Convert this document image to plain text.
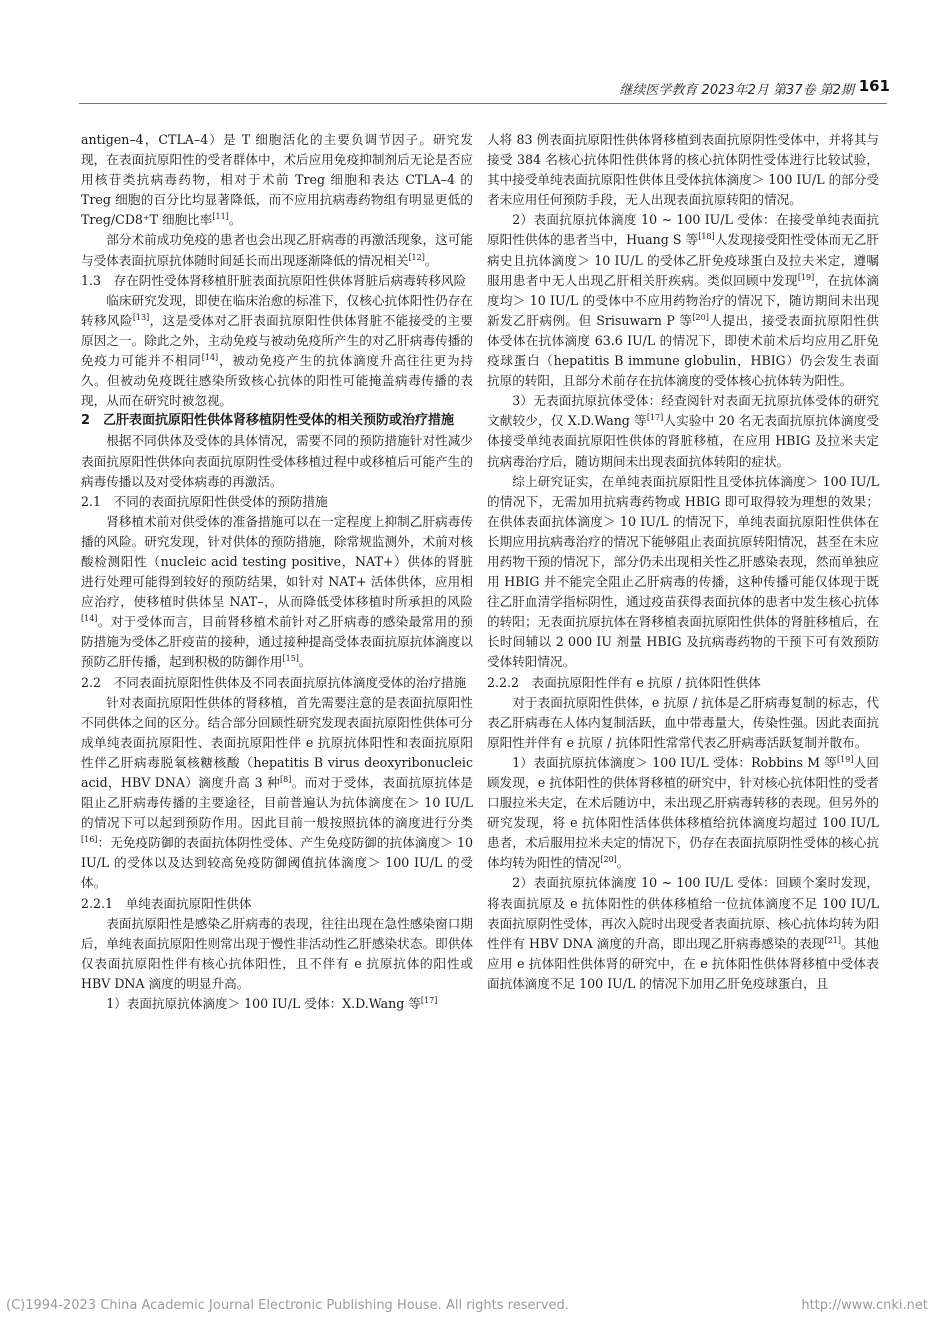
继续医学教育 2023年2月 第37卷 第2期 161

antigen–4，CTLA–4）是 T 细胞活化的主要负调节因子。研究发现，在表面抗原阳性的受者群体中，术后应用免疫抑制剂后无论是否应用核苷类抗病毒药物，相对于术前 Treg 细胞和表达 CTLA–4 的 Treg 细胞的百分比均显著降低，而不应用抗病毒药物组有明显更低的 Treg/CD8⁺T 细胞比率[11]。

部分术前成功免疫的患者也会出现乙肝病毒的再激活现象，这可能与受体表面抗原抗体随时间延长而出现逐渐降低的情况相关[12]。

1.3　存在阴性受体肾移植肝脏表面抗原阳性供体肾脏后病毒转移风险

临床研究发现，即使在临床治愈的标准下，仅核心抗体阳性仍存在转移风险[13]，这是受体对乙肝表面抗原阳性供体肾脏不能接受的主要原因之一。除此之外，主动免疫与被动免疫所产生的对乙肝病毒传播的免疫力可能并不相同[14]，被动免疫产生的抗体滴度升高往往更为持久。但被动免疫既往感染所致核心抗体的阳性可能掩盖病毒传播的表现，从而在研究时被忽视。

2　乙肝表面抗原阳性供体肾移植阴性受体的相关预防或治疗措施

根据不同供体及受体的具体情况，需要不同的预防措施针对性减少表面抗原阳性供体向表面抗原阴性受体移植过程中或移植后可能产生的病毒传播以及对受体病毒的再激活。

2.1　不同的表面抗原阳性供受体的预防措施

肾移植术前对供受体的准备措施可以在一定程度上抑制乙肝病毒传播的风险。研究发现，针对供体的预防措施，除常规监测外，术前对核酸检测阳性（nucleic acid testing positive，NAT+）供体的肾脏进行处理可能得到较好的预防结果，如针对 NAT+ 活体供体，应用相应治疗，使移植时供体呈 NAT–，从而降低受体移植时所承担的风险[14]。对于受体而言，目前肾移植术前针对乙肝病毒的感染最常用的预防措施为受体乙肝疫苗的接种，通过接种提高受体表面抗原抗体滴度以预防乙肝传播，起到积极的防御作用[15]。

2.2　不同表面抗原阳性供体及不同表面抗原抗体滴度受体的治疗措施

针对表面抗原阳性供体的肾移植，首先需要注意的是表面抗原阳性不同供体之间的区分。结合部分回顾性研究发现表面抗原阳性供体可分成单纯表面抗原阳性、表面抗原阳性伴 e 抗原抗体阳性和表面抗原阳性伴乙肝病毒脱氧核糖核酸（hepatitis B virus deoxyribonucleic acid，HBV DNA）滴度升高 3 种[8]。而对于受体，表面抗原抗体是阻止乙肝病毒传播的主要途径，目前普遍认为抗体滴度在＞ 10 IU/L 的情况下可以起到预防作用。因此目前一般按照抗体的滴度进行分类[16]：无免疫防御的表面抗体阴性受体、产生免疫防御的抗体滴度＞ 10 IU/L 的受体以及达到较高免疫防御阈值抗体滴度＞ 100 IU/L 的受体。

2.2.1　单纯表面抗原阳性供体

表面抗原阳性是感染乙肝病毒的表现，往往出现在急性感染窗口期后，单纯表面抗原阳性则常出现于慢性非活动性乙肝感染状态。即供体仅表面抗原阳性伴有核心抗体阳性，且不伴有 e 抗原抗体的阳性或 HBV DNA 滴度的明显升高。

1）表面抗原抗体滴度＞ 100 IU/L 受体：X.D.Wang 等[17]

人将 83 例表面抗原阳性供体肾移植到表面抗原阴性受体中，并将其与接受 384 名核心抗体阳性供体肾的核心抗体阴性受体进行比较试验，其中接受单纯表面抗原阳性供体且受体抗体滴度＞ 100 IU/L 的部分受者未应用任何预防手段，无人出现表面抗原转阳的情况。

2）表面抗原抗体滴度 10 ~ 100 IU/L 受体：在接受单纯表面抗原阳性供体的患者当中，Huang S 等[18]人发现接受阳性受体而无乙肝病史且抗体滴度＞ 10 IU/L 的受体乙肝免疫球蛋白及拉夫米定，遵嘱服用患者中无人出现乙肝相关肝疾病。类似回顾中发现[19]，在抗体滴度均＞ 10 IU/L 的受体中不应用药物治疗的情况下，随访期间未出现新发乙肝病例。但 Srisuwarn P 等[20]人提出，接受表面抗原阳性供体受体在抗体滴度 63.6 IU/L 的情况下，即使术前术后均应用乙肝免疫球蛋白（hepatitis B immune globulin，HBIG）仍会发生表面抗原的转阳，且部分术前存在抗体滴度的受体核心抗体转为阳性。

3）无表面抗原抗体受体：经查阅针对表面无抗原抗体受体的研究文献较少，仅 X.D.Wang 等[17]人实验中 20 名无表面抗原抗体滴度受体接受单纯表面抗原阳性供体的肾脏移植，在应用 HBIG 及拉米夫定抗病毒治疗后，随访期间未出现表面抗体转阳的症状。

综上研究证实，在单纯表面抗原阳性且受体抗体滴度＞ 100 IU/L 的情况下，无需加用抗病毒药物或 HBIG 即可取得较为理想的效果；在供体表面抗体滴度＞ 10 IU/L 的情况下，单纯表面抗原阳性供体在长期应用抗病毒治疗的情况下能够阻止表面抗原转阳情况，甚至在未应用药物干预的情况下，部分仍未出现相关性乙肝感染表现，然而单独应用 HBIG 并不能完全阻止乙肝病毒的传播，这种传播可能仅体现于既往乙肝血清学指标阴性，通过疫苗获得表面抗体的患者中发生核心抗体的转阳；无表面抗原抗体在肾移植表面抗原阳性供体的肾脏移植后，在长时间辅以 2 000 IU 剂量 HBIG 及抗病毒药物的干预下可有效预防受体转阳情况。

2.2.2　表面抗原阳性伴有 e 抗原 / 抗体阳性供体

对于表面抗原阳性供体，e 抗原 / 抗体是乙肝病毒复制的标志，代表乙肝病毒在人体内复制活跃，血中带毒量大，传染性强。因此表面抗原阳性并伴有 e 抗原 / 抗体阳性常常代表乙肝病毒活跃复制并散布。

1）表面抗原抗体滴度＞ 100 IU/L 受体：Robbins M 等[19]人回顾发现，e 抗体阳性的供体肾移植的研究中，针对核心抗体阳性的受者口服拉米夫定，在术后随访中，未出现乙肝病毒转移的表现。但另外的研究发现，将 e 抗体阳性活体供体移植给抗体滴度均超过 100 IU/L 患者，术后服用拉米夫定的情况下，仍存在表面抗原阴性受体的核心抗体均转为阳性的情况[20]。

2）表面抗原抗体滴度 10 ~ 100 IU/L 受体：回顾个案时发现，将表面抗原及 e 抗体阳性的供体移植给一位抗体滴度不足 100 IU/L 表面抗原阴性受体，再次入院时出现受者表面抗原、核心抗体均转为阳性伴有 HBV DNA 滴度的升高，即出现乙肝病毒感染的表现[21]。其他应用 e 抗体阳性供体肾的研究中，在 e 抗体阳性供体肾移植中受体表面抗体滴度不足 100 IU/L 的情况下加用乙肝免疫球蛋白，且

(C)1994-2023 China Academic Journal Electronic Publishing House. All rights reserved.	http://www.cnki.net
